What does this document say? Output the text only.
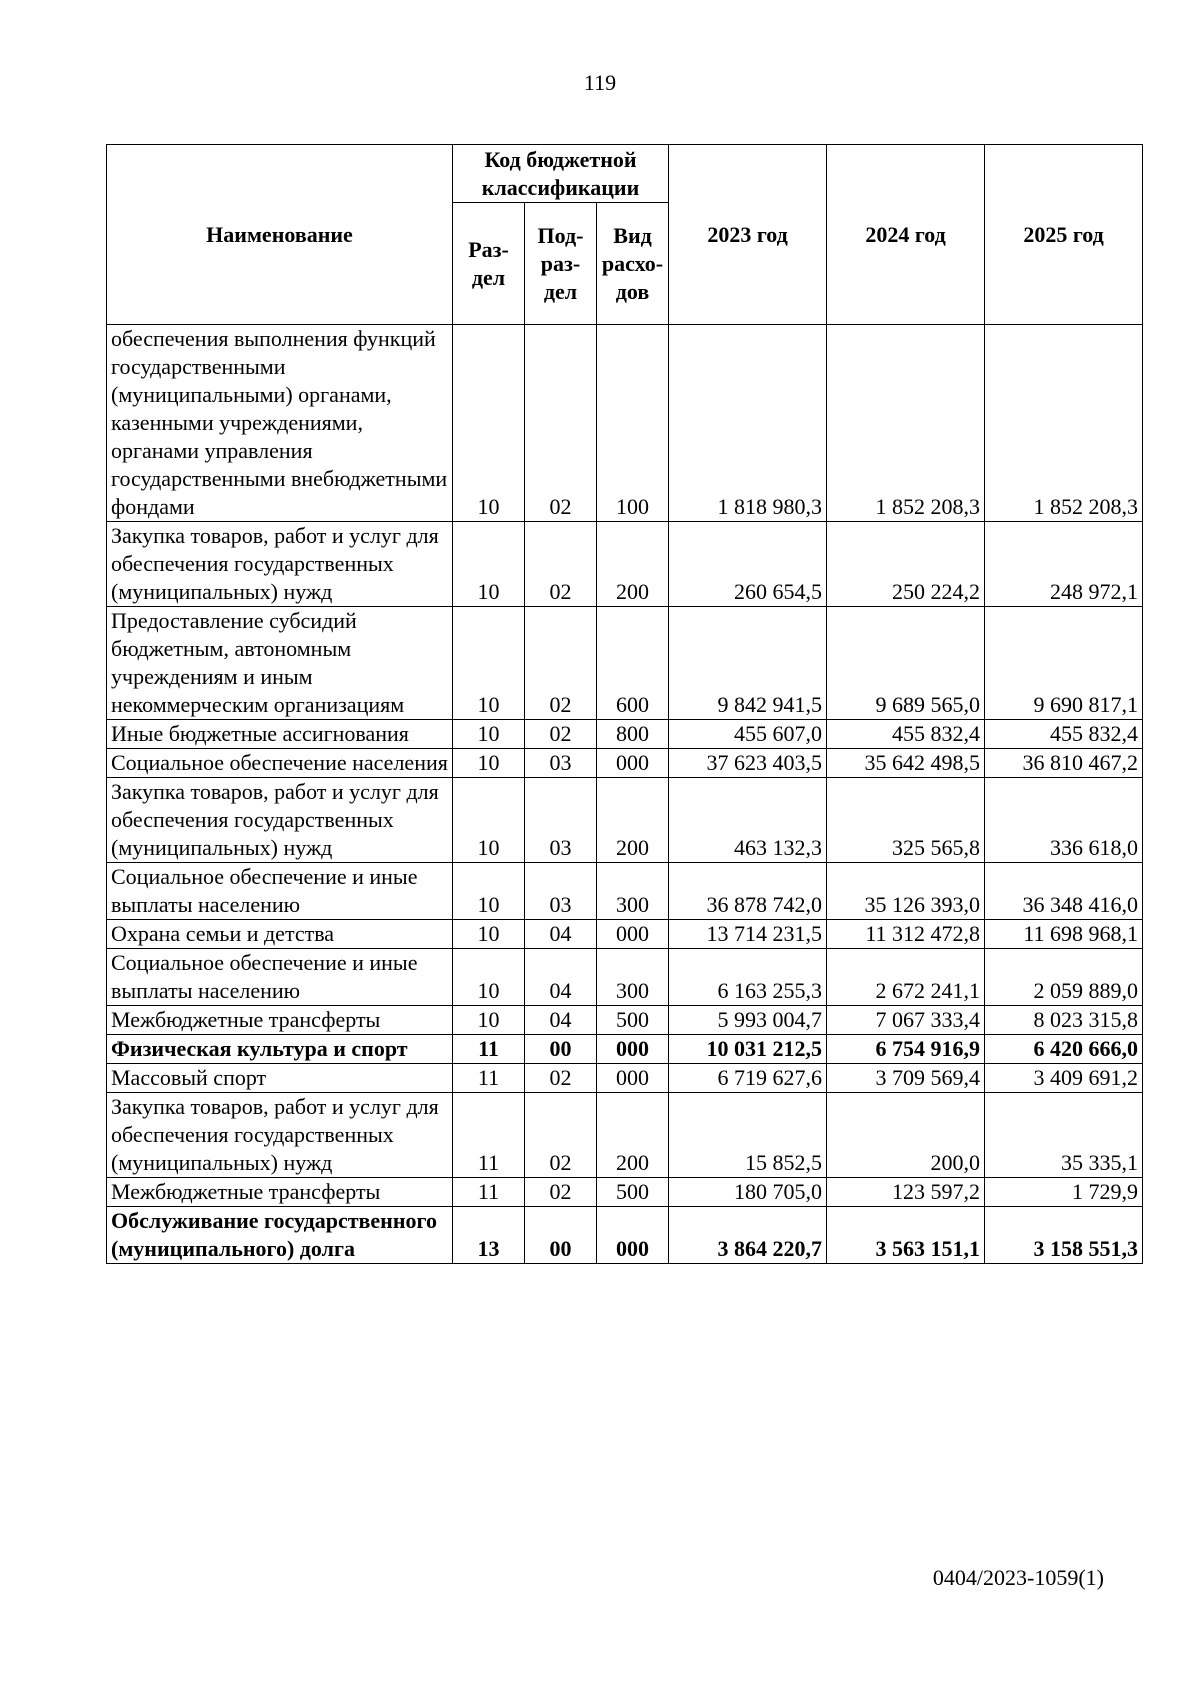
119
Наименование	Код бюджетной классификации			2023 год	2024 год	2025 год
	Раз- дел	Под- раз- дел	Вид расхо- дов			
обеспечения выполнения функций государственными (муниципальными) органами, казенными учреждениями, органами управления государственными внебюджетными фондами	10	02	100	1 818 980,3	1 852 208,3	1 852 208,3
Закупка товаров, работ и услуг для обеспечения государственных (муниципальных) нужд	10	02	200	260 654,5	250 224,2	248 972,1
Предоставление субсидий бюджетным, автономным учреждениям и иным некоммерческим организациям	10	02	600	9 842 941,5	9 689 565,0	9 690 817,1
Иные бюджетные ассигнования	10	02	800	455 607,0	455 832,4	455 832,4
Социальное обеспечение населения	10	03	000	37 623 403,5	35 642 498,5	36 810 467,2
Закупка товаров, работ и услуг для обеспечения государственных (муниципальных) нужд	10	03	200	463 132,3	325 565,8	336 618,0
Социальное обеспечение и иные выплаты населению	10	03	300	36 878 742,0	35 126 393,0	36 348 416,0
Охрана семьи и детства	10	04	000	13 714 231,5	11 312 472,8	11 698 968,1
Социальное обеспечение и иные выплаты населению	10	04	300	6 163 255,3	2 672 241,1	2 059 889,0
Межбюджетные трансферты	10	04	500	5 993 004,7	7 067 333,4	8 023 315,8
Физическая культура и спорт	11	00	000	10 031 212,5	6 754 916,9	6 420 666,0
Массовый спорт	11	02	000	6 719 627,6	3 709 569,4	3 409 691,2
Закупка товаров, работ и услуг для обеспечения государственных (муниципальных) нужд	11	02	200	15 852,5	200,0	35 335,1
Межбюджетные трансферты	11	02	500	180 705,0	123 597,2	1 729,9
Обслуживание государственного (муниципального) долга	13	00	000	3 864 220,7	3 563 151,1	3 158 551,3
0404/2023-1059(1)
